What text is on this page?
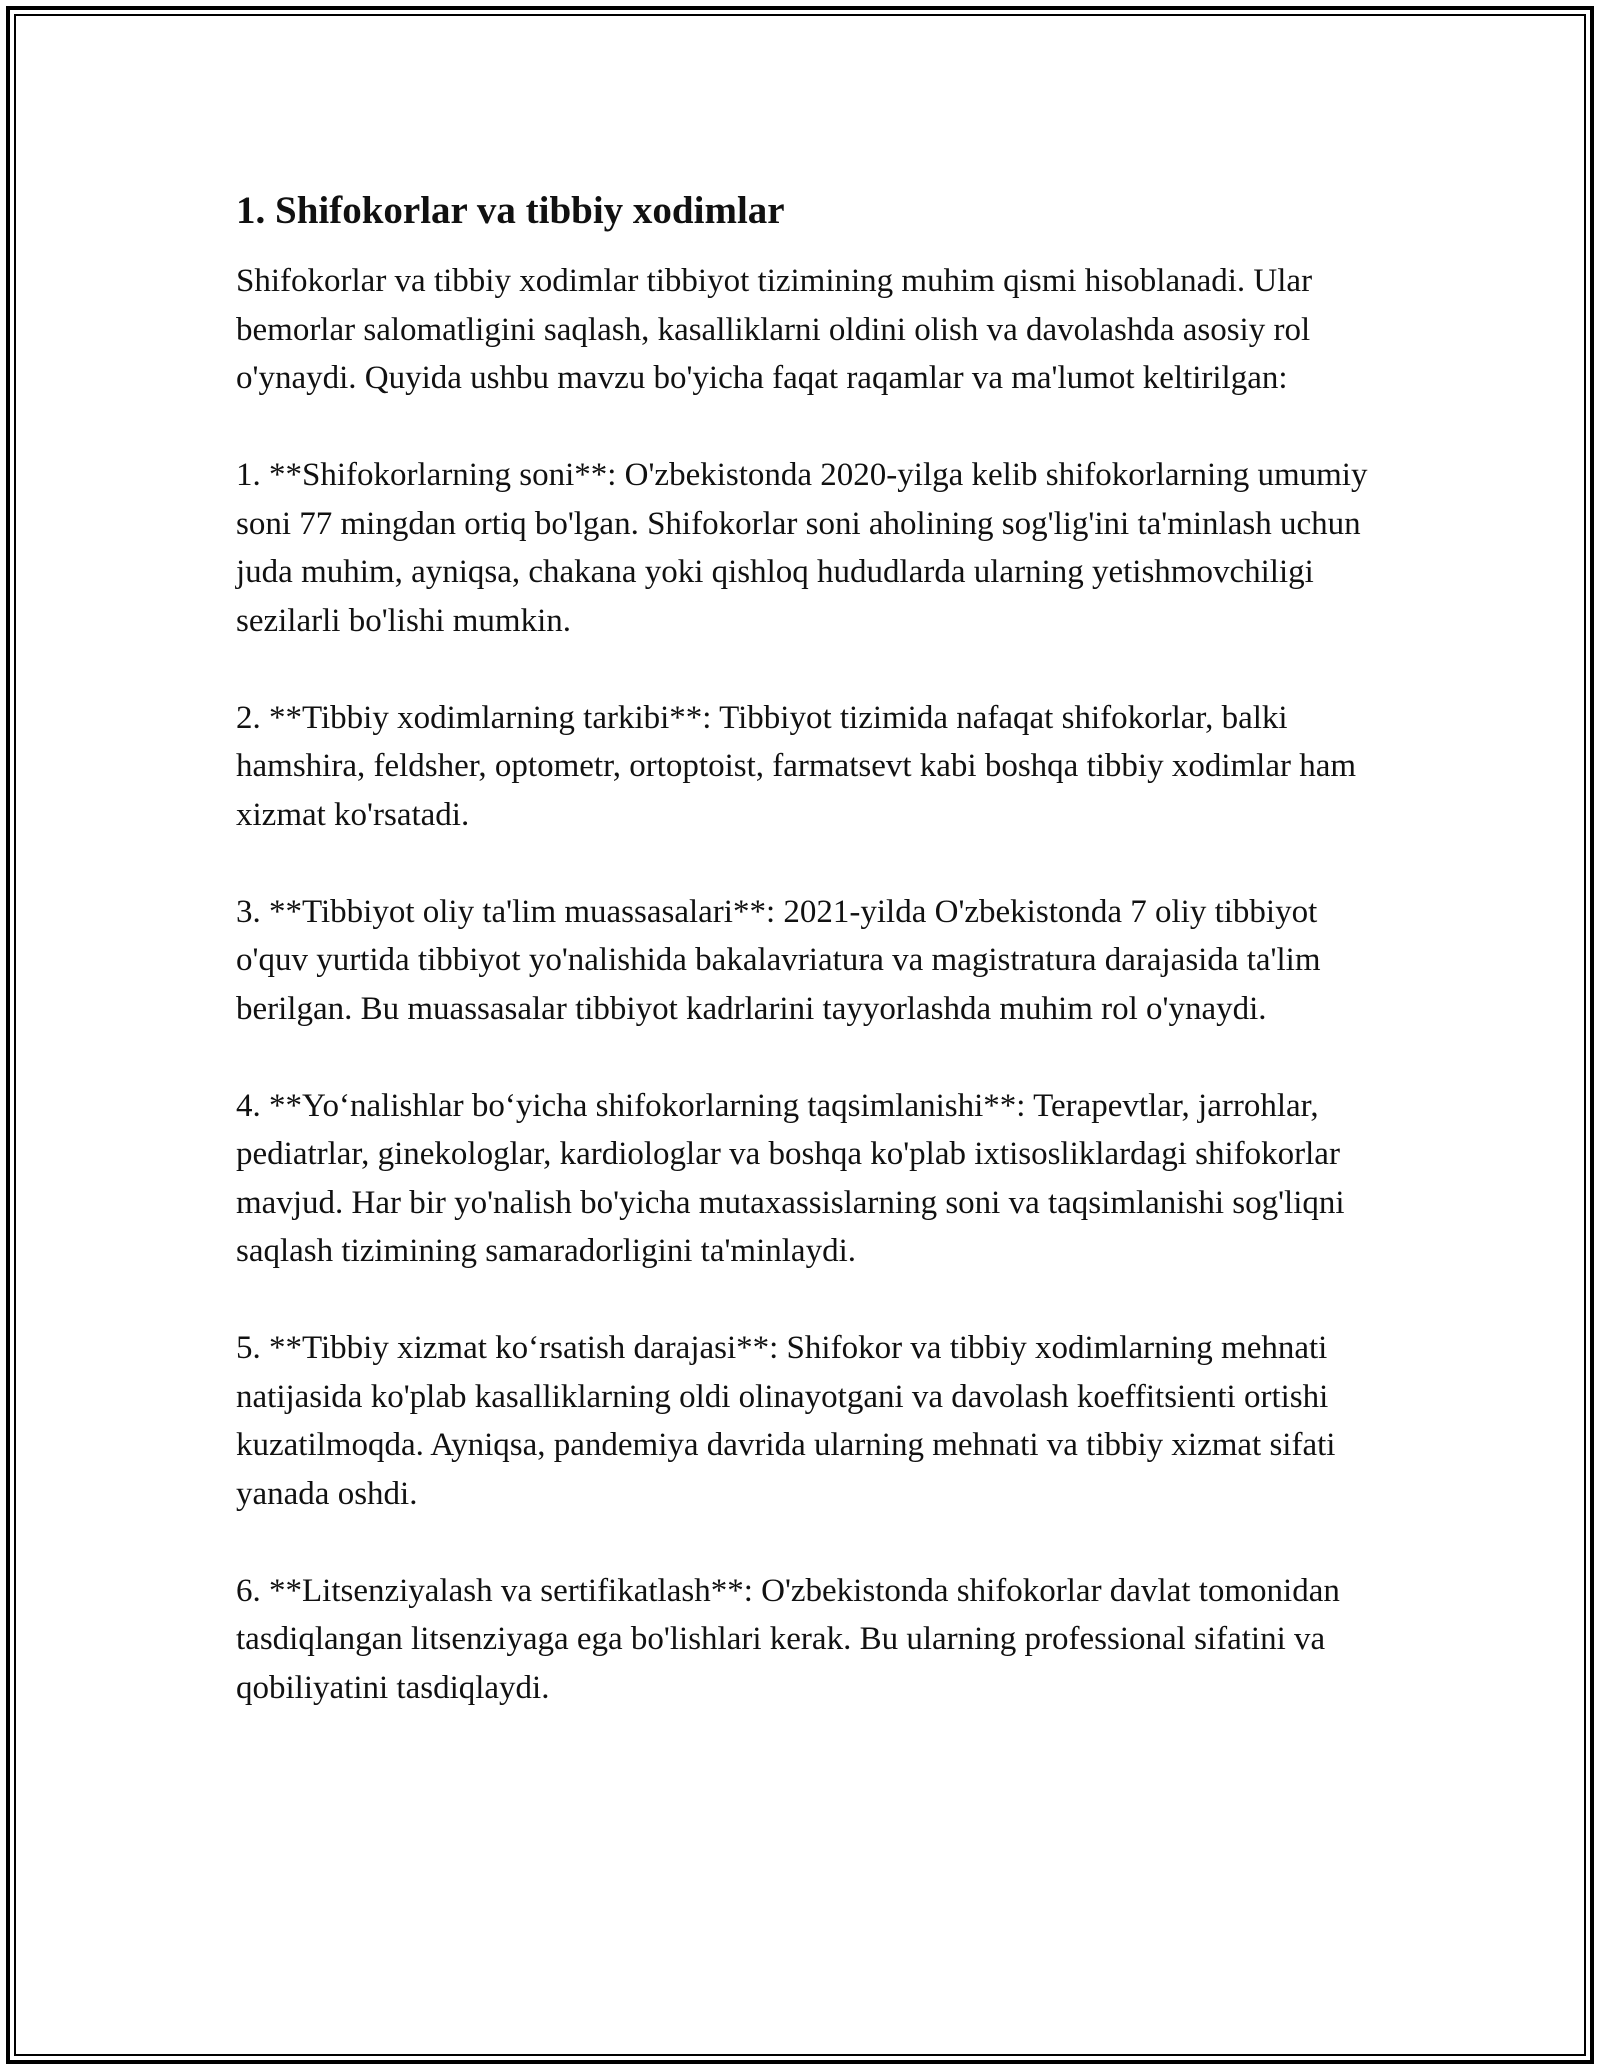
1. Shifokorlar va tibbiy xodimlar

Shifokorlar va tibbiy xodimlar tibbiyot tizimining muhim qismi hisoblanadi. Ular bemorlar salomatligini saqlash, kasalliklarni oldini olish va davolashda asosiy rol o'ynaydi. Quyida ushbu mavzu bo'yicha faqat raqamlar va ma'lumot keltirilgan:

1. **Shifokorlarning soni**: O'zbekistonda 2020-yilga kelib shifokorlarning umumiy soni 77 mingdan ortiq bo'lgan. Shifokorlar soni aholining sog'lig'ini ta'minlash uchun juda muhim, ayniqsa, chakana yoki qishloq hududlarda ularning yetishmovchiligi sezilarli bo'lishi mumkin.

2. **Tibbiy xodimlarning tarkibi**: Tibbiyot tizimida nafaqat shifokorlar, balki hamshira, feldsher, optometr, ortoptoist, farmatsevt kabi boshqa tibbiy xodimlar ham xizmat ko'rsatadi.

3. **Tibbiyot oliy ta'lim muassasalari**: 2021-yilda O'zbekistonda 7 oliy tibbiyot o'quv yurtida tibbiyot yo'nalishida bakalavriatura va magistratura darajasida ta'lim berilgan. Bu muassasalar tibbiyot kadrlarini tayyorlashda muhim rol o'ynaydi.

4. **Yo‘nalishlar bo‘yicha shifokorlarning taqsimlanishi**: Terapevtlar, jarrohlar, pediatrlar, ginekologlar, kardiologlar va boshqa ko'plab ixtisosliklardagi shifokorlar mavjud. Har bir yo'nalish bo'yicha mutaxassislarning soni va taqsimlanishi sog'liqni saqlash tizimining samaradorligini ta'minlaydi.

5. **Tibbiy xizmat ko‘rsatish darajasi**: Shifokor va tibbiy xodimlarning mehnati natijasida ko'plab kasalliklarning oldi olinayotgani va davolash koeffitsienti ortishi kuzatilmoqda. Ayniqsa, pandemiya davrida ularning mehnati va tibbiy xizmat sifati yanada oshdi.

6. **Litsenziyalash va sertifikatlash**: O'zbekistonda shifokorlar davlat tomonidan tasdiqlangan litsenziyaga ega bo'lishlari kerak. Bu ularning professional sifatini va qobiliyatini tasdiqlaydi.
